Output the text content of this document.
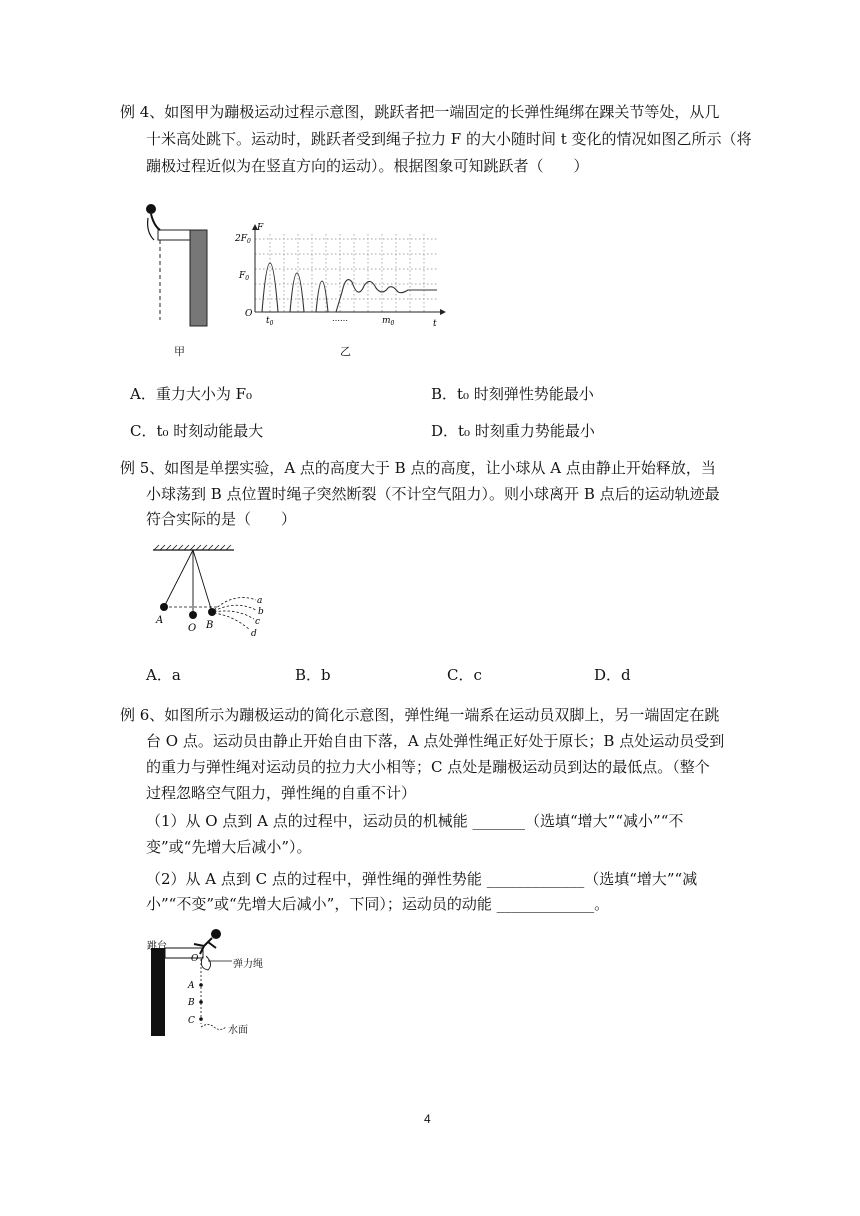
例 4、如图甲为蹦极运动过程示意图，跳跃者把一端固定的长弹性绳绑在踝关节等处，从几
十米高处跳下。运动时，跳跃者受到绳子拉力 F 的大小随时间 t 变化的情况如图乙所示（将
蹦极过程近似为在竖直方向的运动）。根据图象可知跳跃者（　　）
甲
$2F_0$
$F_0$
O
F
t
$t_0$
……	$m_0$
乙
A．重力大小为 F₀	B．t₀ 时刻弹性势能最小
C．t₀ 时刻动能最大	D．t₀ 时刻重力势能最小
例 5、如图是单摆实验，A 点的高度大于 B 点的高度，让小球从 A 点由静止开始释放，当
小球荡到 B 点位置时绳子突然断裂（不计空气阻力）。则小球离开 B 点后的运动轨迹最
符合实际的是（　　）
A
O B
a
b
c
d
A．a	B．b	C．c	D．d
例 6、如图所示为蹦极运动的简化示意图，弹性绳一端系在运动员双脚上，另一端固定在跳
台 O 点。运动员由静止开始自由下落，A 点处弹性绳正好处于原长；B 点处运动员受到
的重力与弹性绳对运动员的拉力大小相等；C 点处是蹦极运动员到达的最低点。（整个
过程忽略空气阻力，弹性绳的自重不计）
（1）从 O 点到 A 点的过程中，运动员的机械能 _______（选填“增大”“减小”“不
变”或“先增大后减小”）。
（2）从 A 点到 C 点的过程中，弹性绳的弹性势能 _____________（选填“增大”“减
小”“不变”或“先增大后减小”，下同）；运动员的动能 _____________。
O
A
B
C
跳台
弹力绳
水面
4
